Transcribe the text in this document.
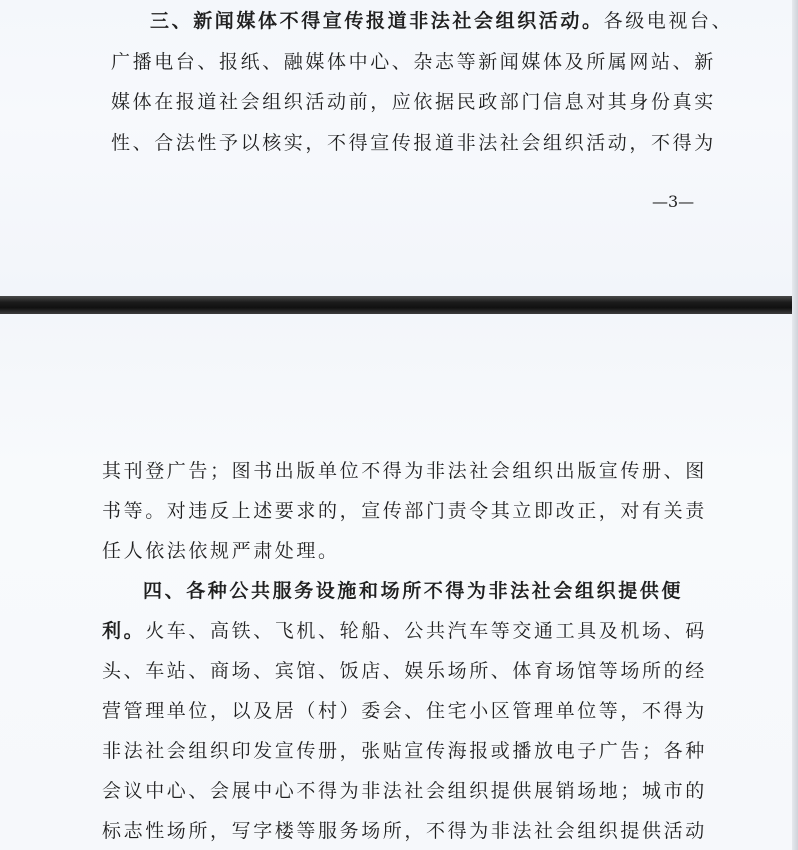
三、新闻媒体不得宣传报道非法社会组织活动。各级电视台、
广播电台、报纸、融媒体中心、杂志等新闻媒体及所属网站、新
媒体在报道社会组织活动前，应依据民政部门信息对其身份真实
性、合法性予以核实，不得宣传报道非法社会组织活动，不得为
—3—
其刊登广告；图书出版单位不得为非法社会组织出版宣传册、图
书等。对违反上述要求的，宣传部门责令其立即改正，对有关责
任人依法依规严肃处理。
四、各种公共服务设施和场所不得为非法社会组织提供便
利。火车、高铁、飞机、轮船、公共汽车等交通工具及机场、码
头、车站、商场、宾馆、饭店、娱乐场所、体育场馆等场所的经
营管理单位，以及居（村）委会、住宅小区管理单位等，不得为
非法社会组织印发宣传册，张贴宣传海报或播放电子广告；各种
会议中心、会展中心不得为非法社会组织提供展销场地；城市的
标志性场所，写字楼等服务场所，不得为非法社会组织提供活动
